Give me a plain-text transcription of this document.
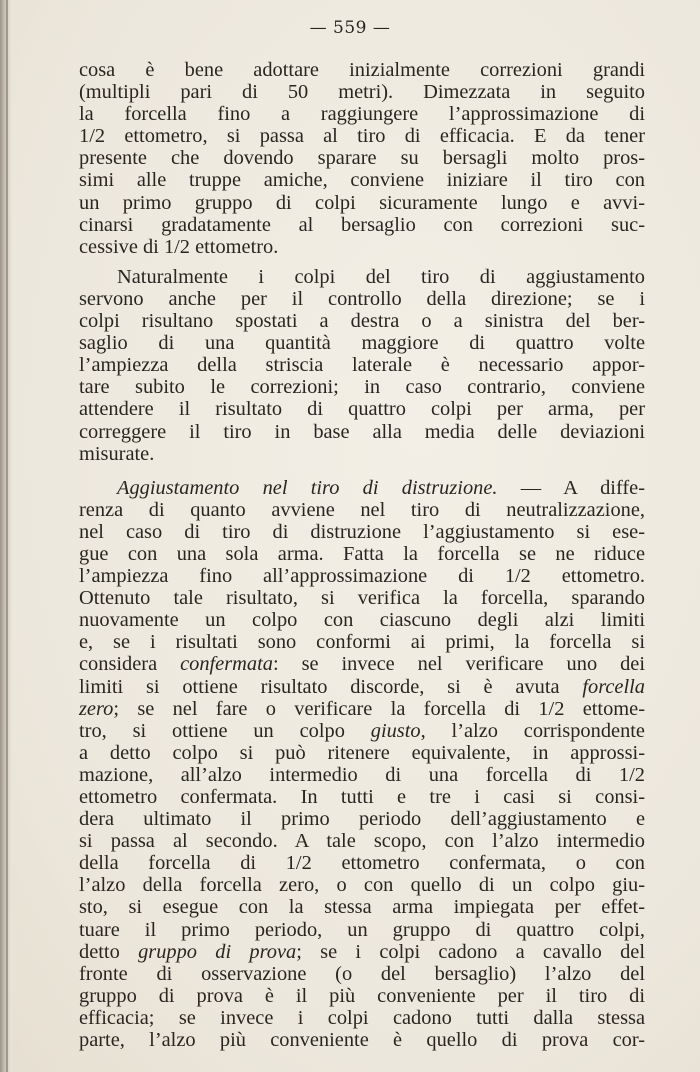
— 559 —
cosa è bene adottare inizialmente correzioni grandi
(multipli pari di 50 metri). Dimezzata in seguito
la forcella fino a raggiungere l’approssimazione di
1/2 ettometro, si passa al tiro di efficacia. E da tener
presente che dovendo sparare su bersagli molto pros-
simi alle truppe amiche, conviene iniziare il tiro con
un primo gruppo di colpi sicuramente lungo e avvi-
cinarsi gradatamente al bersaglio con correzioni suc-
cessive di 1/2 ettometro.
Naturalmente i colpi del tiro di aggiustamento
servono anche per il controllo della direzione; se i
colpi risultano spostati a destra o a sinistra del ber-
saglio di una quantità maggiore di quattro volte
l’ampiezza della striscia laterale è necessario appor-
tare subito le correzioni; in caso contrario, conviene
attendere il risultato di quattro colpi per arma, per
correggere il tiro in base alla media delle deviazioni
misurate.
Aggiustamento nel tiro di distruzione. — A diffe-
renza di quanto avviene nel tiro di neutralizzazione,
nel caso di tiro di distruzione l’aggiustamento si ese-
gue con una sola arma. Fatta la forcella se ne riduce
l’ampiezza fino all’approssimazione di 1/2 ettometro.
Ottenuto tale risultato, si verifica la forcella, sparando
nuovamente un colpo con ciascuno degli alzi limiti
e, se i risultati sono conformi ai primi, la forcella si
considera confermata: se invece nel verificare uno dei
limiti si ottiene risultato discorde, si è avuta forcella
zero; se nel fare o verificare la forcella di 1/2 ettome-
tro, si ottiene un colpo giusto, l’alzo corrispondente
a detto colpo si può ritenere equivalente, in approssi-
mazione, all’alzo intermedio di una forcella di 1/2
ettometro confermata. In tutti e tre i casi si consi-
dera ultimato il primo periodo dell’aggiustamento e
si passa al secondo. A tale scopo, con l’alzo intermedio
della forcella di 1/2 ettometro confermata, o con
l’alzo della forcella zero, o con quello di un colpo giu-
sto, si esegue con la stessa arma impiegata per effet-
tuare il primo periodo, un gruppo di quattro colpi,
detto gruppo di prova; se i colpi cadono a cavallo del
fronte di osservazione (o del bersaglio) l’alzo del
gruppo di prova è il più conveniente per il tiro di
efficacia; se invece i colpi cadono tutti dalla stessa
parte, l’alzo più conveniente è quello di prova cor-
